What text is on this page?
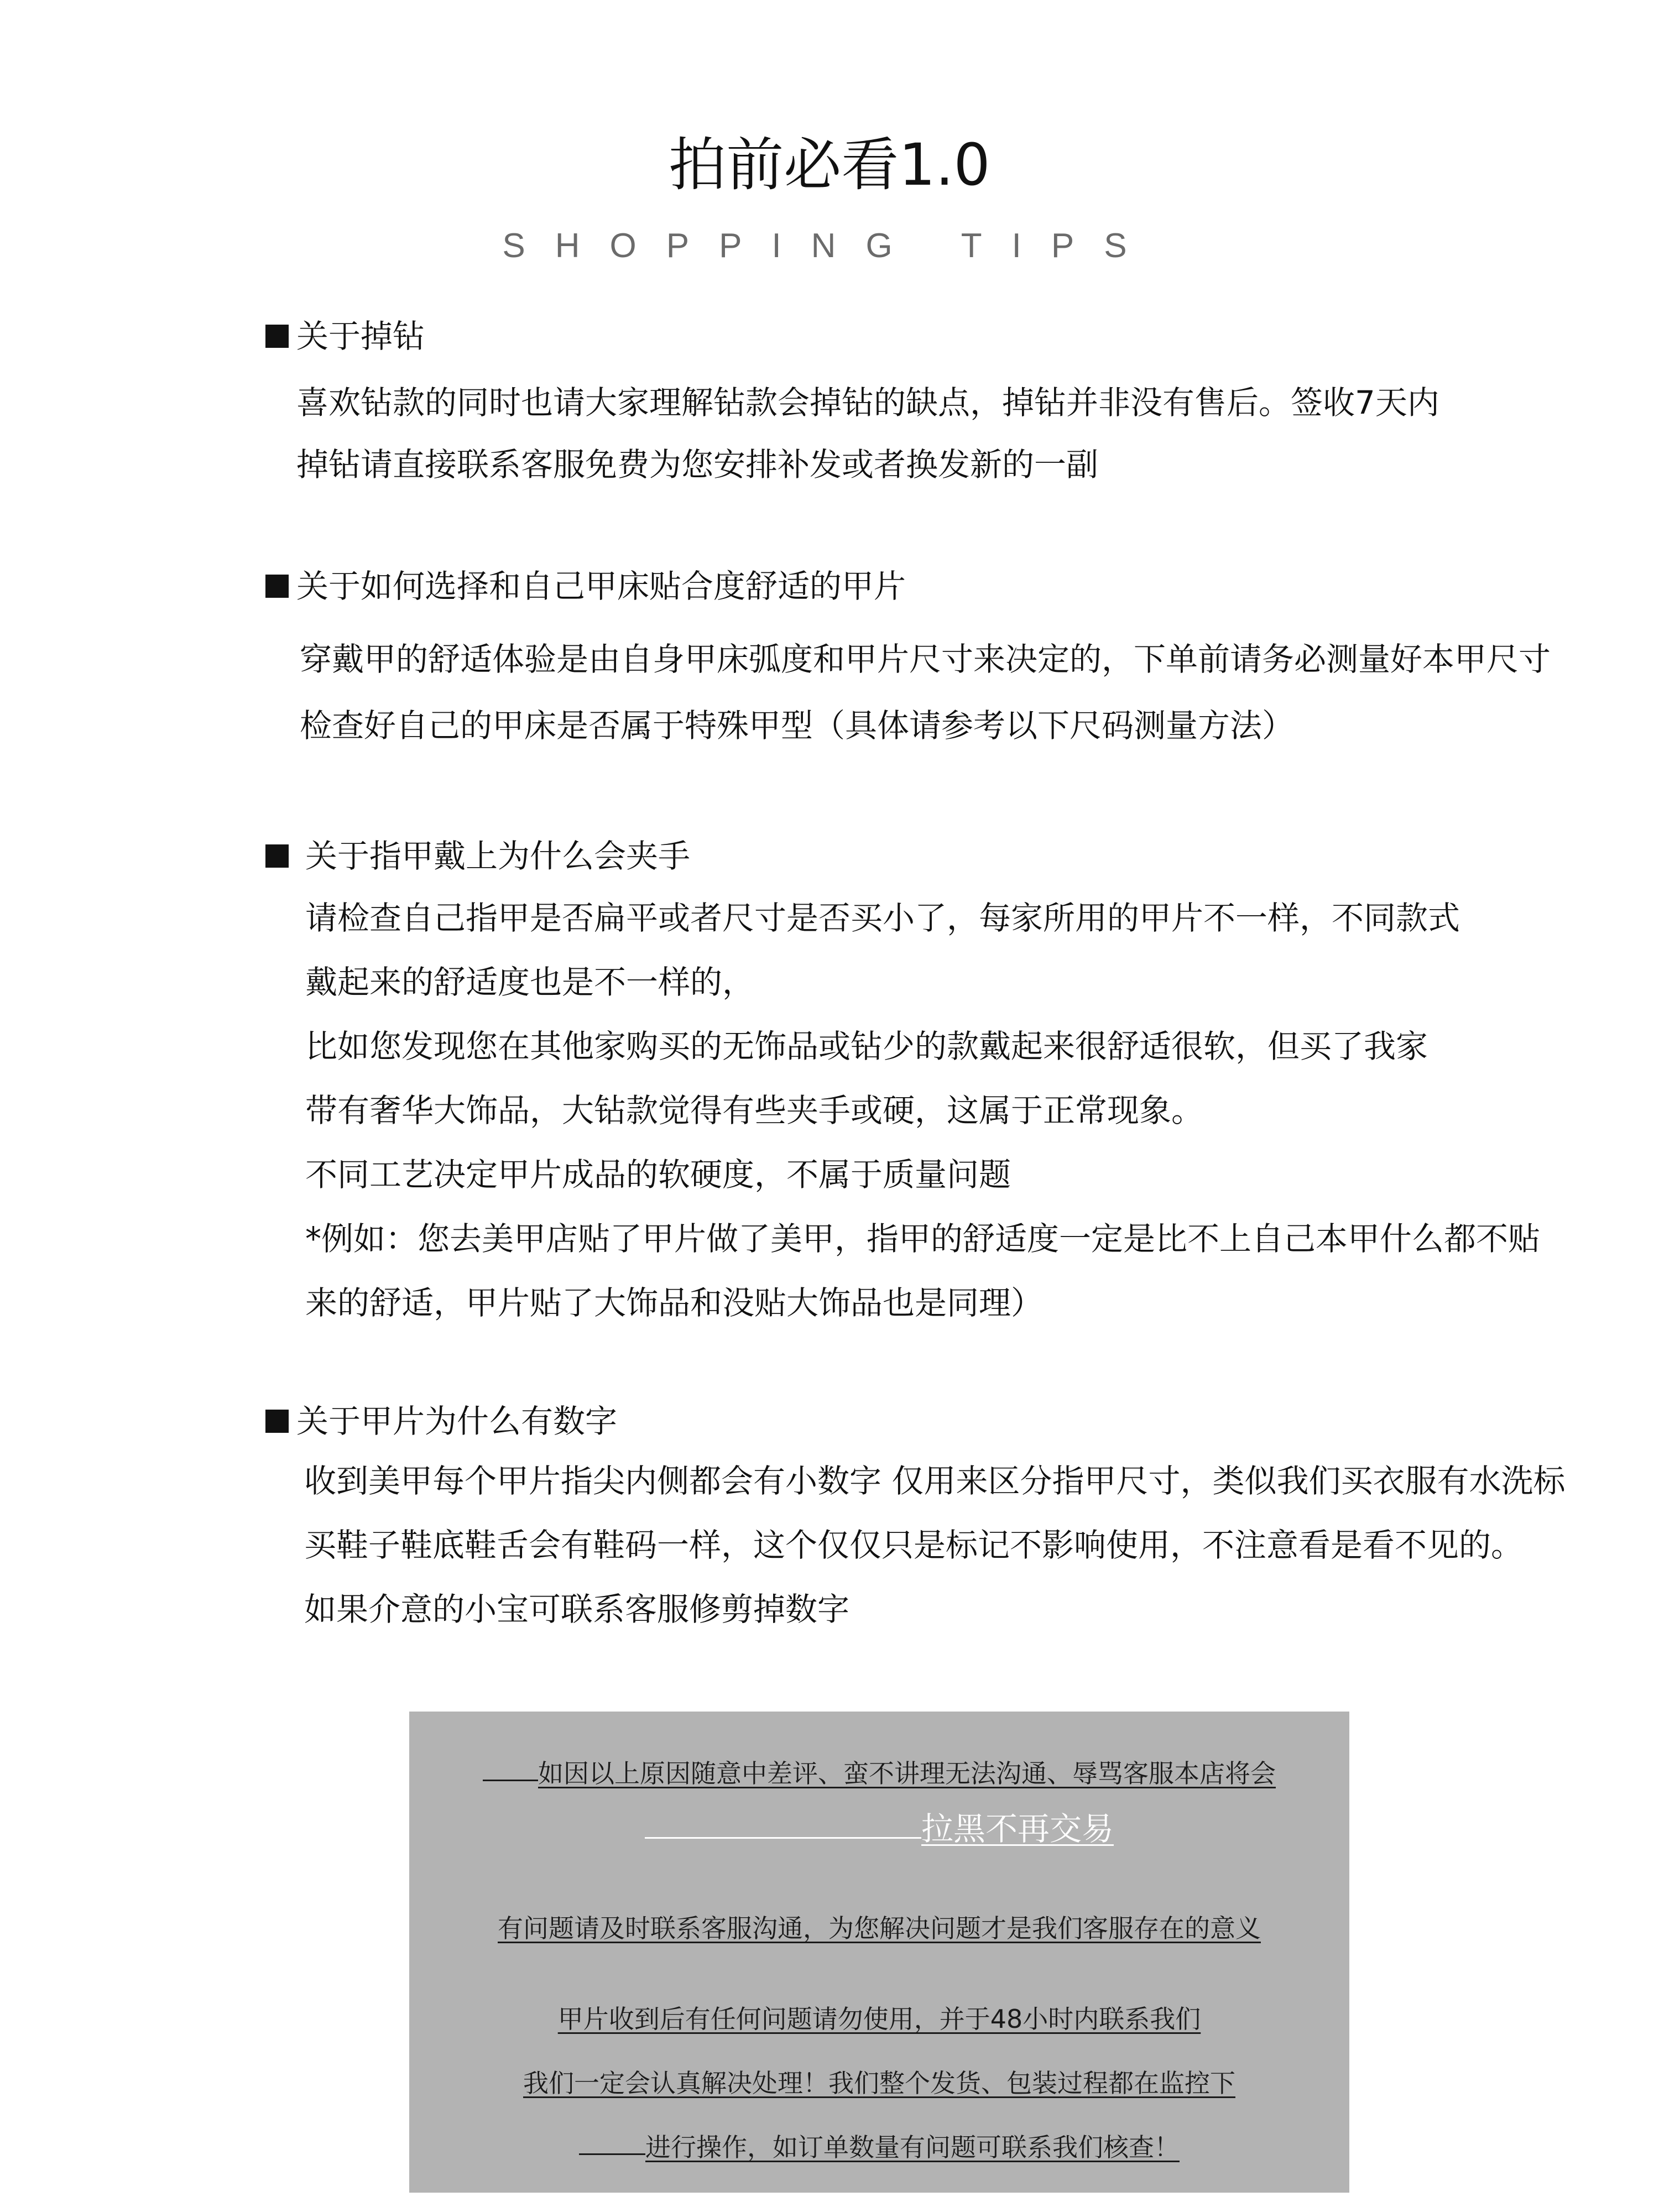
拍前必看1.0
SHOPPING TIPS
关于掉钻
喜欢钻款的同时也请大家理解钻款会掉钻的缺点，掉钻并非没有售后。签收7天内
掉钻请直接联系客服免费为您安排补发或者换发新的一副
关于如何选择和自己甲床贴合度舒适的甲片
穿戴甲的舒适体验是由自身甲床弧度和甲片尺寸来决定的，下单前请务必测量好本甲尺寸
检查好自己的甲床是否属于特殊甲型（具体请参考以下尺码测量方法）
关于指甲戴上为什么会夹手
请检查自己指甲是否扁平或者尺寸是否买小了，每家所用的甲片不一样，不同款式
戴起来的舒适度也是不一样的，
比如您发现您在其他家购买的无饰品或钻少的款戴起来很舒适很软，但买了我家
带有奢华大饰品，大钻款觉得有些夹手或硬，这属于正常现象。
不同工艺决定甲片成品的软硬度，不属于质量问题
*例如：您去美甲店贴了甲片做了美甲，指甲的舒适度一定是比不上自己本甲什么都不贴
来的舒适，甲片贴了大饰品和没贴大饰品也是同理）
关于甲片为什么有数字
收到美甲每个甲片指尖内侧都会有小数字 仅用来区分指甲尺寸，类似我们买衣服有水洗标
买鞋子鞋底鞋舌会有鞋码一样，这个仅仅只是标记不影响使用，不注意看是看不见的。
如果介意的小宝可联系客服修剪掉数字
如因以上原因随意中差评、蛮不讲理无法沟通、辱骂客服本店将会
拉黑不再交易
有问题请及时联系客服沟通，为您解决问题才是我们客服存在的意义
甲片收到后有任何问题请勿使用，并于48小时内联系我们
我们一定会认真解决处理！我们整个发货、包装过程都在监控下
进行操作，如订单数量有问题可联系我们核查！
